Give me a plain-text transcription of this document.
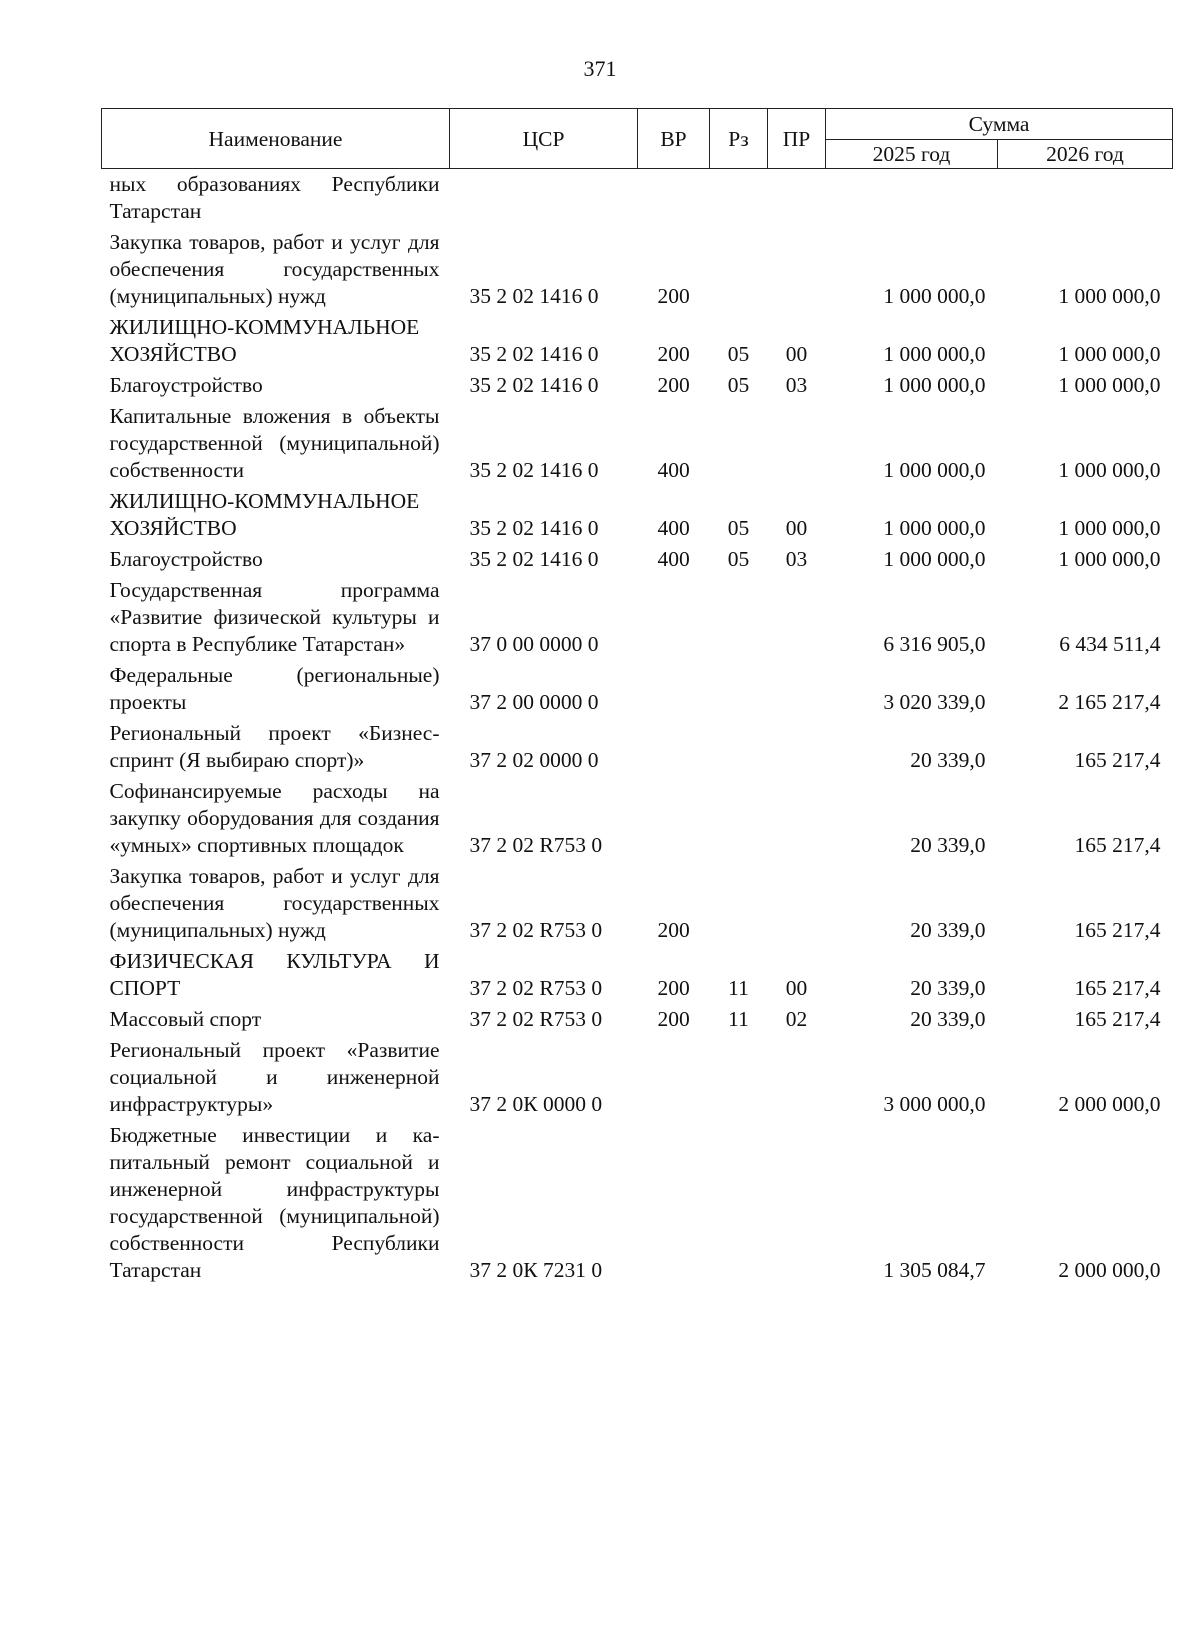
371
Наименование	ЦСР	ВР	Рз	ПР	Сумма	
					2025 год	2026 год
ных образованиях Республики Татарстан						
Закупка товаров, работ и услуг для обеспечения государственных (муниципальных) нужд	35 2 02 1416 0	200			1 000 000,0	1 000 000,0
ЖИЛИЩНО-КОММУНАЛЬНОЕ ХОЗЯЙСТВО	35 2 02 1416 0	200	05	00	1 000 000,0	1 000 000,0
Благоустройство	35 2 02 1416 0	200	05	03	1 000 000,0	1 000 000,0
Капитальные вложения в объекты государственной (муниципальной) собственности	35 2 02 1416 0	400			1 000 000,0	1 000 000,0
ЖИЛИЩНО-КОММУНАЛЬНОЕ ХОЗЯЙСТВО	35 2 02 1416 0	400	05	00	1 000 000,0	1 000 000,0
Благоустройство	35 2 02 1416 0	400	05	03	1 000 000,0	1 000 000,0
Государственная программа «Развитие физической культуры и спорта в Республике Татарстан»	37 0 00 0000 0				6 316 905,0	6 434 511,4
Федеральные (региональные) проекты	37 2 00 0000 0				3 020 339,0	2 165 217,4
Региональный проект «Бизнес-спринт (Я выбираю спорт)»	37 2 02 0000 0				20 339,0	165 217,4
Софинансируемые расходы на закупку оборудования для создания «умных» спортивных площадок	37 2 02 R753 0				20 339,0	165 217,4
Закупка товаров, работ и услуг для обеспечения государственных (муниципальных) нужд	37 2 02 R753 0	200			20 339,0	165 217,4
ФИЗИЧЕСКАЯ КУЛЬТУРА И СПОРТ	37 2 02 R753 0	200	11	00	20 339,0	165 217,4
Массовый спорт	37 2 02 R753 0	200	11	02	20 339,0	165 217,4
Региональный проект «Развитие социальной и инженерной инфраструктуры»	37 2 0К 0000 0				3 000 000,0	2 000 000,0
Бюджетные инвестиции и капитальный ремонт социальной и инженерной инфраструктуры государственной (муниципальной) собственности Республики Татарстан	37 2 0К 7231 0				1 305 084,7	2 000 000,0
